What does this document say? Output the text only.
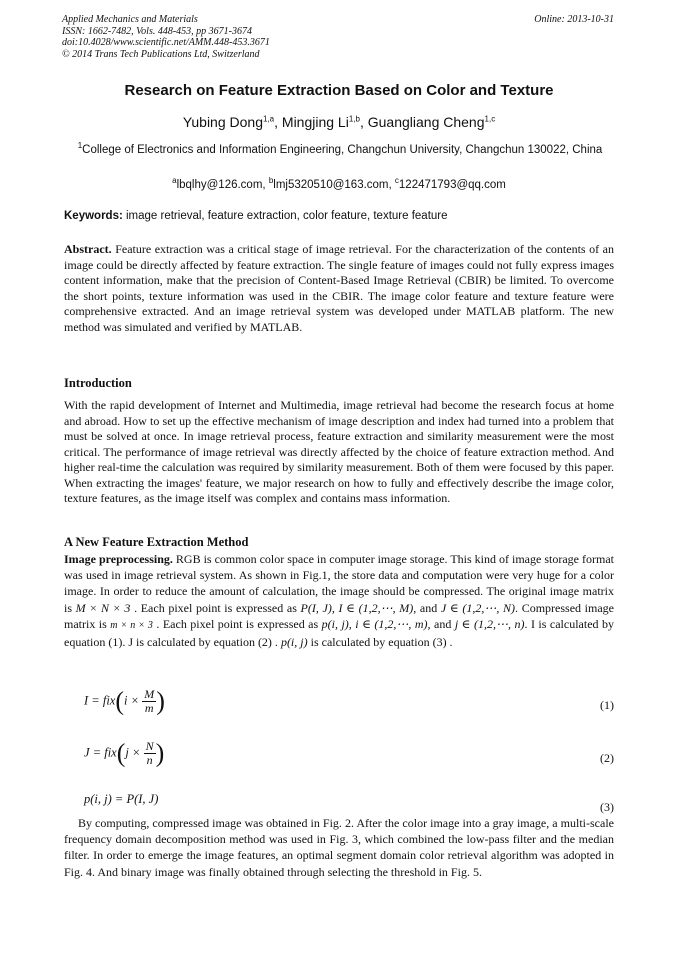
Applied Mechanics and Materials
ISSN: 1662-7482, Vols. 448-453, pp 3671-3674
doi:10.4028/www.scientific.net/AMM.448-453.3671
© 2014 Trans Tech Publications Ltd, Switzerland
Online: 2013-10-31
Research on Feature Extraction Based on Color and Texture
Yubing Dong$^{1,a}$, Mingjing Li$^{1,b}$, Guangliang Cheng$^{1,c}$
$^1$College of Electronics and Information Engineering, Changchun University, Changchun 130022, China
$^a$lbqlhy@126.com, $^b$lmj5320510@163.com, $^c$122471793@qq.com
Keywords: image retrieval, feature extraction, color feature, texture feature
Abstract. Feature extraction was a critical stage of image retrieval. For the characterization of the contents of an image could be directly affected by feature extraction. The single feature of images could not fully express images content information, make that the precision of Content-Based Image Retrieval (CBIR) be limited. To overcome the short points, texture information was used in the CBIR. The image color feature and texture feature were comprehensive extracted. And an image retrieval system was developed under MATLAB platform. The new method was simulated and verified by MATLAB.
Introduction
With the rapid development of Internet and Multimedia, image retrieval had become the research focus at home and abroad. How to set up the effective mechanism of image description and index had turned into a problem that must be solved at once. In image retrieval process, feature extraction and similarity measurement were the most critical. The performance of image retrieval was directly affected by the choice of feature extraction method. And higher real-time the calculation was required by similarity measurement. Both of them were focused by this paper. When extracting the images' feature, we major research on how to fully and effectively describe the image color, texture features, as the image itself was complex and contains mass information.
A New Feature Extraction Method
Image preprocessing. RGB is common color space in computer image storage. This kind of image storage format was used in image retrieval system. As shown in Fig.1, the store data and computation were very huge for a color image. In order to reduce the amount of calculation, the image should be compressed. The original image matrix is M × N × 3 . Each pixel point is expressed as P(I, J), I ∈ (1,2,⋯, M), and J ∈ (1,2,⋯, N). Compressed image matrix is m × n × 3 . Each pixel point is expressed as p(i, j), i ∈ (1,2,⋯, m), and j ∈ (1,2,⋯, n). I is calculated by equation (1). J is calculated by equation (2) . p(i, j) is calculated by equation (3) .
$I = fix(i \times \frac{M}{m}$ )	(1)
$J = fix(j \times \frac{N}{n}$ )	(2)
p(i, j) = P(I, J)
(3)
By computing, compressed image was obtained in Fig. 2. After the color image into a gray image, a multi-scale frequency domain decomposition method was used in Fig. 3, which combined the low-pass filter and the median filter. In order to emerge the image features, an optimal segment domain color retrieval algorithm was adopted in Fig. 4. And binary image was finally obtained through selecting the threshold in Fig. 5.
